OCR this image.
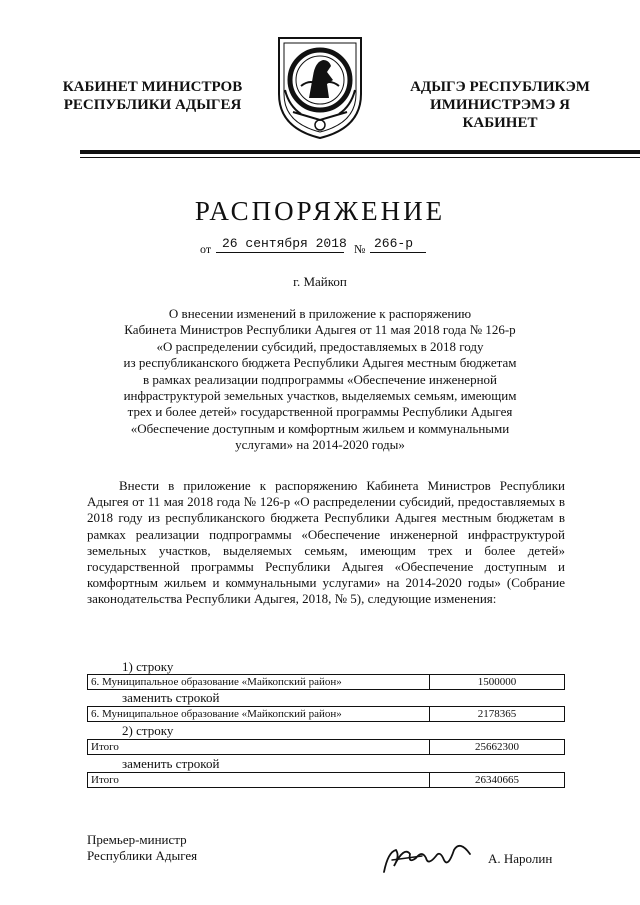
КАБИНЕТ МИНИСТРОВ
РЕСПУБЛИКИ АДЫГЕЯ
АДЫГЭ РЕСПУБЛИКЭМ
ИМИНИСТРЭМЭ Я КАБИНЕТ
РАСПОРЯЖЕНИЕ
от 26 сентября 2018 № 266-р
г. Майкоп
О внесении изменений в приложение к распоряжению
Кабинета Министров Республики Адыгея от 11 мая 2018 года № 126-р
«О распределении субсидий, предоставляемых в 2018 году
из республиканского бюджета Республики Адыгея местным бюджетам
в рамках реализации подпрограммы «Обеспечение инженерной
инфраструктурой земельных участков, выделяемых семьям, имеющим
трех и более детей» государственной программы Республики Адыгея
«Обеспечение доступным и комфортным жильем и коммунальными
услугами» на 2014-2020 годы»
Внести в приложение к распоряжению Кабинета Министров Республики Адыгея от 11 мая 2018 года № 126-р «О распределении субсидий, предоставляемых в 2018 году из республиканского бюджета Республики Адыгея местным бюджетам в рамках реализации подпрограммы «Обеспечение инженерной инфраструктурой земельных участков, выделяемых семьям, имеющим трех и более детей» государственной программы Республики Адыгея «Обеспечение доступным и комфортным жильем и коммунальными услугами» на 2014-2020 годы» (Собрание законодательства Республики Адыгея, 2018, № 5), следующие изменения:
1) строку
6. Муниципальное образование «Майкопский район»	1500000
заменить строкой
6. Муниципальное образование «Майкопский район»	2178365
2) строку
Итого	25662300
заменить строкой
Итого	26340665
Премьер-министр
Республики Адыгея	А. Наролин
